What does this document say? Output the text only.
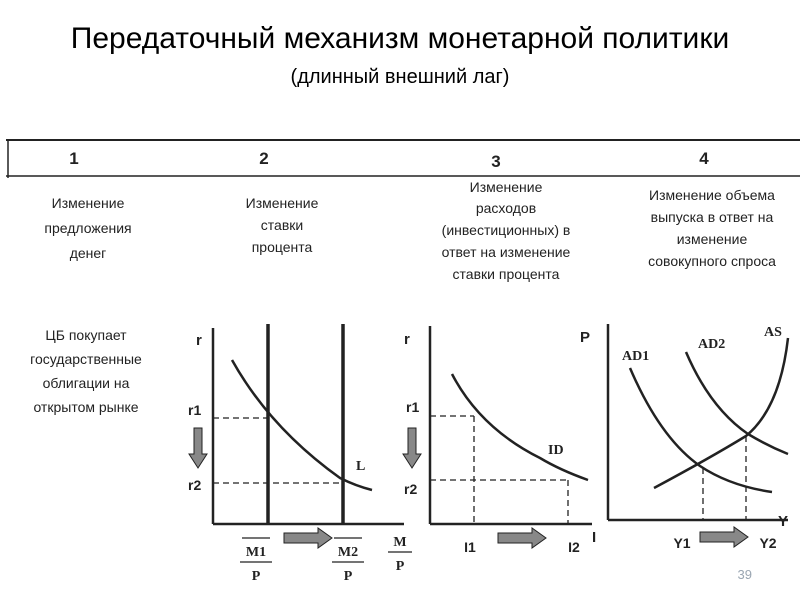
Передаточный механизм монетарной политики
(длинный внешний лаг)
1	2	3	4
Изменение
предложения
денег
Изменение
ставки
процента
Изменение
расходов
(инвестиционных) в
ответ на изменение
ставки процента
Изменение объема
выпуска в ответ на
изменение
совокупного спроса
ЦБ покупает
государственные
облигации на
открытом рынке
r
L
r1
r2
M1
P
M2
P
M
P
r	P
ID
r1
r2
I1	I2
I
AD1
AD2
AS
Y1	Y2
Y
39
